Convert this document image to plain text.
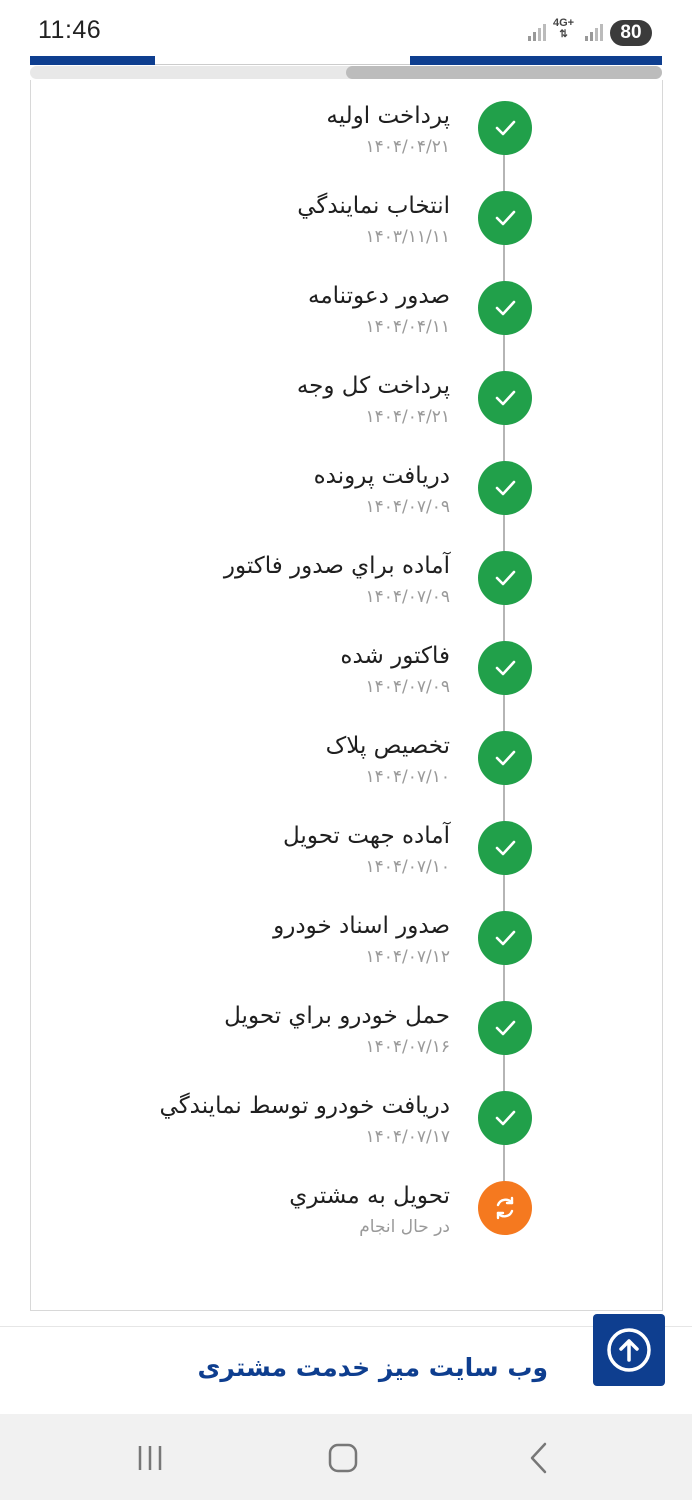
11:46	4G+
⇅	80
پرداخت اوليه
۱۴۰۴/۰۴/۲۱
انتخاب نمايندگي
۱۴۰۳/۱۱/۱۱
صدور دعوتنامه
۱۴۰۴/۰۴/۱۱
پرداخت کل وجه
۱۴۰۴/۰۴/۲۱
دريافت پرونده
۱۴۰۴/۰۷/۰۹
آماده براي صدور فاکتور
۱۴۰۴/۰۷/۰۹
فاکتور شده
۱۴۰۴/۰۷/۰۹
تخصيص پلاک
۱۴۰۴/۰۷/۱۰
آماده جهت تحويل
۱۴۰۴/۰۷/۱۰
صدور اسناد خودرو
۱۴۰۴/۰۷/۱۲
حمل خودرو براي تحويل
۱۴۰۴/۰۷/۱۶
دريافت خودرو توسط نمايندگي
۱۴۰۴/۰۷/۱۷
تحويل به مشتري
در حال انجام
وب سایت میز خدمت مشتری
